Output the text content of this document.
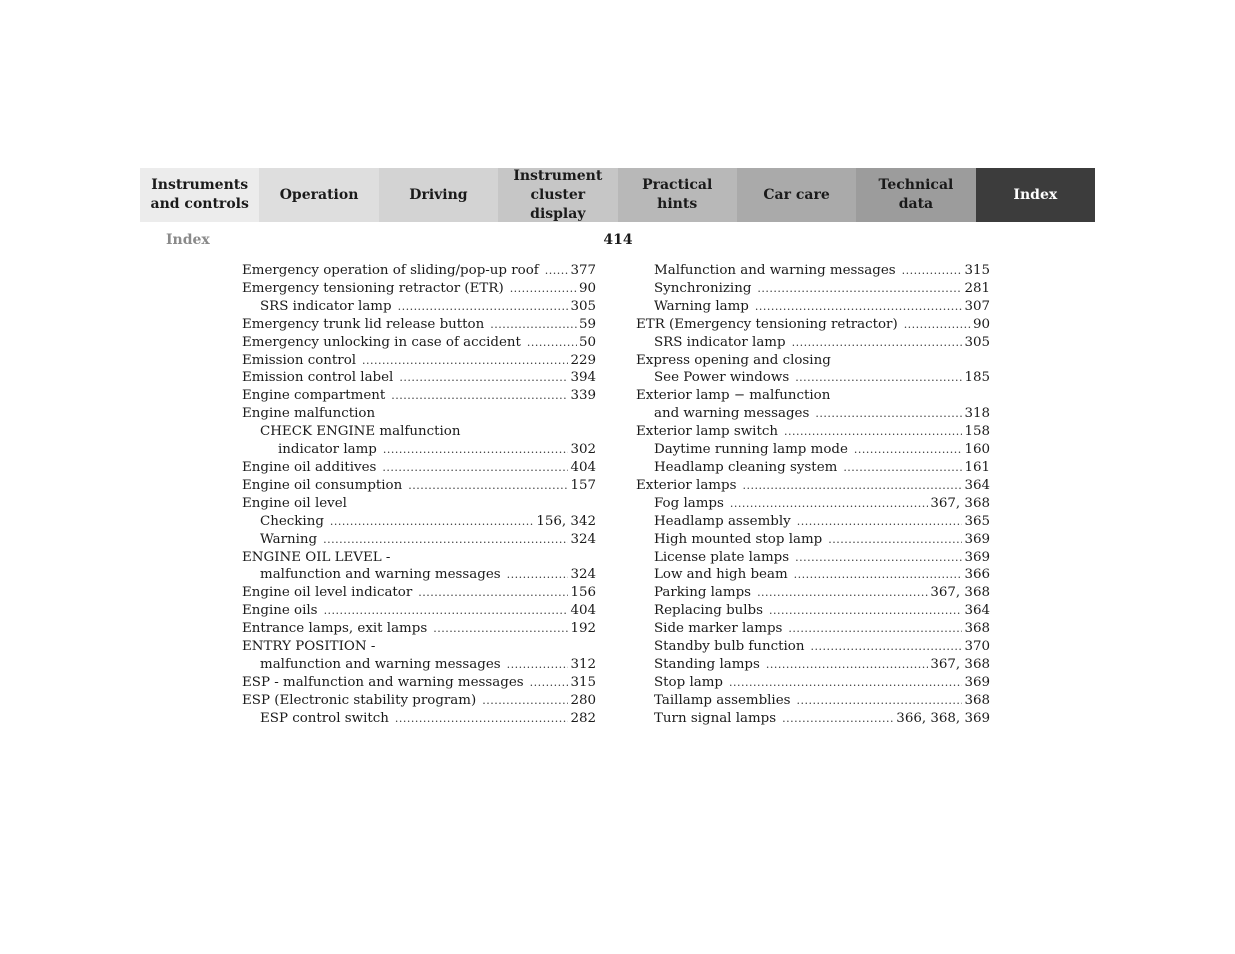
Instruments
and controls
Operation	Driving
Instrument
cluster display
Practical hints
Car care
Technical
data
Index
Index	414
Emergency operation of sliding/pop-up roof ..... 377
Emergency tensioning retractor (ETR) .....	90
SRS indicator lamp .....	305
Emergency trunk lid release button .....	59
Emergency unlocking in case of accident .....	50
Emission control .....	229
Emission control label .....	394
Engine compartment .....	339
Engine malfunction
CHECK ENGINE malfunction
indicator lamp .....	302
Engine oil additives .....	404
Engine oil consumption .....	157
Engine oil level
Checking .....	156, 342
Warning .....	324
ENGINE OIL LEVEL -
malfunction and warning messages .....	324
Engine oil level indicator .....	156
Engine oils .....	404
Entrance lamps, exit lamps .....	192
ENTRY POSITION -
malfunction and warning messages .....	312
ESP - malfunction and warning messages .....	315
ESP (Electronic stability program) .....	280
ESP control switch .....	282
Malfunction and warning messages .....	315
Synchronizing .....	281
Warning lamp .....	307
ETR (Emergency tensioning retractor) .....	90
SRS indicator lamp .....	305
Express opening and closing
See Power windows .....	185
Exterior lamp − malfunction
and warning messages .....	318
Exterior lamp switch .....	158
Daytime running lamp mode .....	160
Headlamp cleaning system .....	161
Exterior lamps .....	364
Fog lamps .....	367, 368
Headlamp assembly .....	365
High mounted stop lamp .....	369
License plate lamps .....	369
Low and high beam .....	366
Parking lamps .....	367, 368
Replacing bulbs .....	364
Side marker lamps .....	368
Standby bulb function .....	370
Standing lamps .....	367, 368
Stop lamp .....	369
Taillamp assemblies .....	368
Turn signal lamps .....	366, 368, 369
